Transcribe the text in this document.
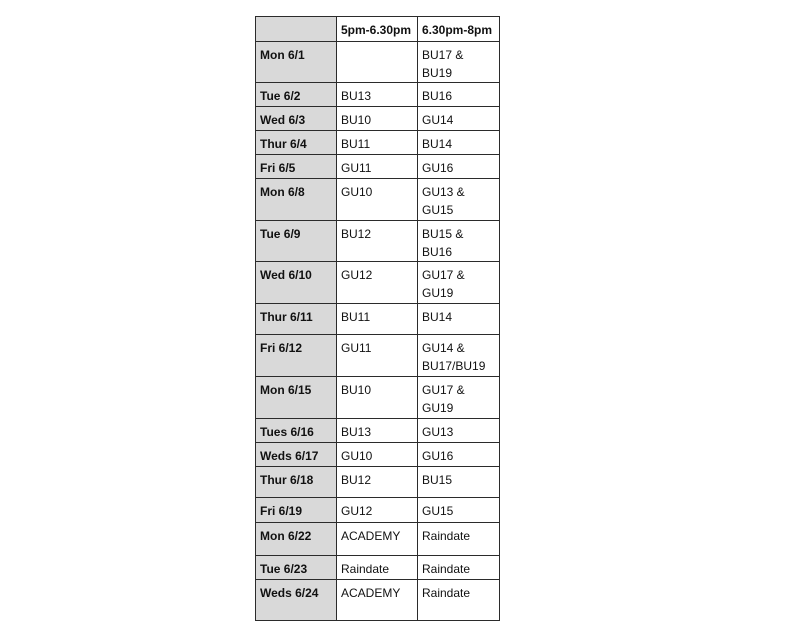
	5pm-6.30pm	6.30pm-8pm
Mon 6/1		BU17 & BU19
Tue 6/2	BU13	BU16
Wed 6/3	BU10	GU14
Thur 6/4	BU11	BU14
Fri 6/5	GU11	GU16
Mon 6/8	GU10	GU13 & GU15
Tue 6/9	BU12	BU15 & BU16
Wed 6/10	GU12	GU17 & GU19
Thur 6/11	BU11	BU14
Fri 6/12	GU11	GU14 & BU17/BU19
Mon 6/15	BU10	GU17 & GU19
Tues 6/16	BU13	GU13
Weds 6/17	GU10	GU16
Thur 6/18	BU12	BU15
Fri 6/19	GU12	GU15
Mon 6/22	ACADEMY	Raindate
Tue 6/23	Raindate	Raindate
Weds 6/24	ACADEMY	Raindate
